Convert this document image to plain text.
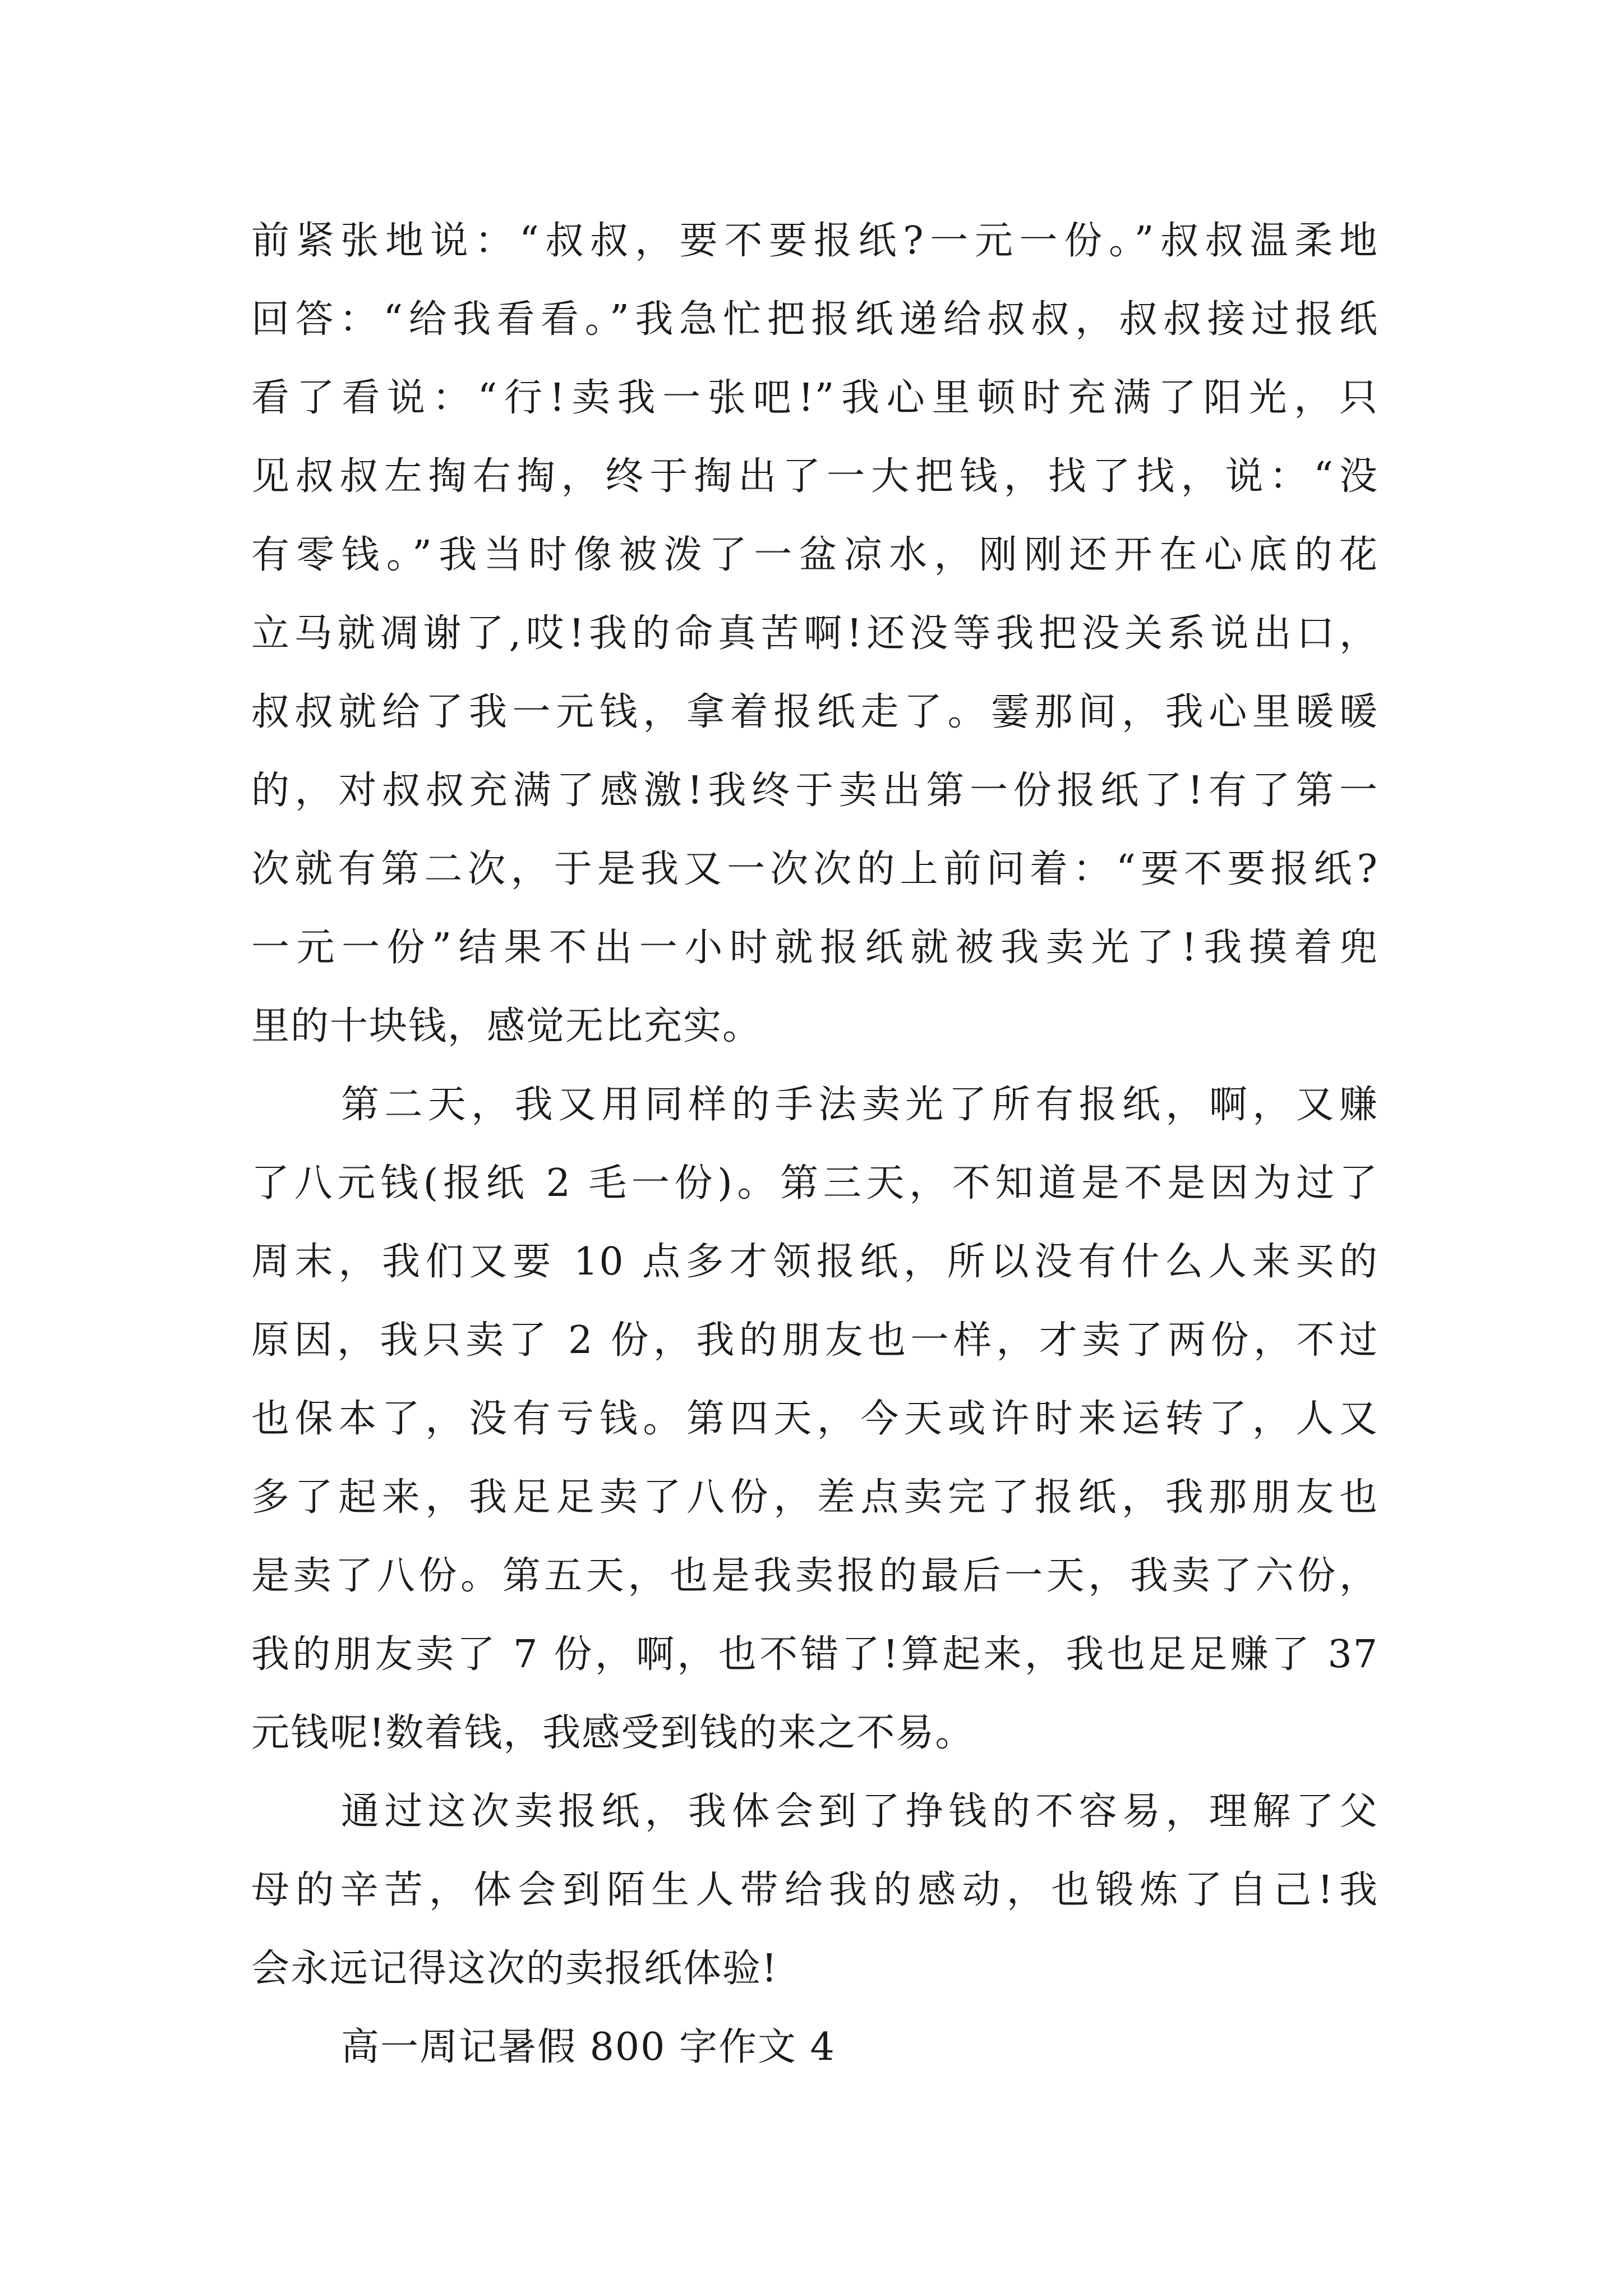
前紧张地说：“叔叔，要不要报纸?一元一份。”叔叔温柔地
回答：“给我看看。”我急忙把报纸递给叔叔，叔叔接过报纸
看了看说：“行!卖我一张吧!”我心里顿时充满了阳光，只
见叔叔左掏右掏，终于掏出了一大把钱，找了找，说：“没
有零钱。”我当时像被泼了一盆凉水，刚刚还开在心底的花
立马就凋谢了,哎!我的命真苦啊!还没等我把没关系说出口，
叔叔就给了我一元钱，拿着报纸走了。霎那间，我心里暖暖
的，对叔叔充满了感激!我终于卖出第一份报纸了!有了第一
次就有第二次，于是我又一次次的上前问着：“要不要报纸?
一元一份”结果不出一小时就报纸就被我卖光了!我摸着兜
里的十块钱，感觉无比充实。
第二天，我又用同样的手法卖光了所有报纸，啊，又赚
了八元钱(报纸 2 毛一份)。第三天，不知道是不是因为过了
周末，我们又要 10 点多才领报纸，所以没有什么人来买的
原因，我只卖了 2 份，我的朋友也一样，才卖了两份，不过
也保本了，没有亏钱。第四天，今天或许时来运转了，人又
多了起来，我足足卖了八份，差点卖完了报纸，我那朋友也
是卖了八份。第五天，也是我卖报的最后一天，我卖了六份，
我的朋友卖了 7 份，啊，也不错了!算起来，我也足足赚了 37
元钱呢!数着钱，我感受到钱的来之不易。
通过这次卖报纸，我体会到了挣钱的不容易，理解了父
母的辛苦，体会到陌生人带给我的感动，也锻炼了自己!我
会永远记得这次的卖报纸体验!
高一周记暑假 800 字作文 4
